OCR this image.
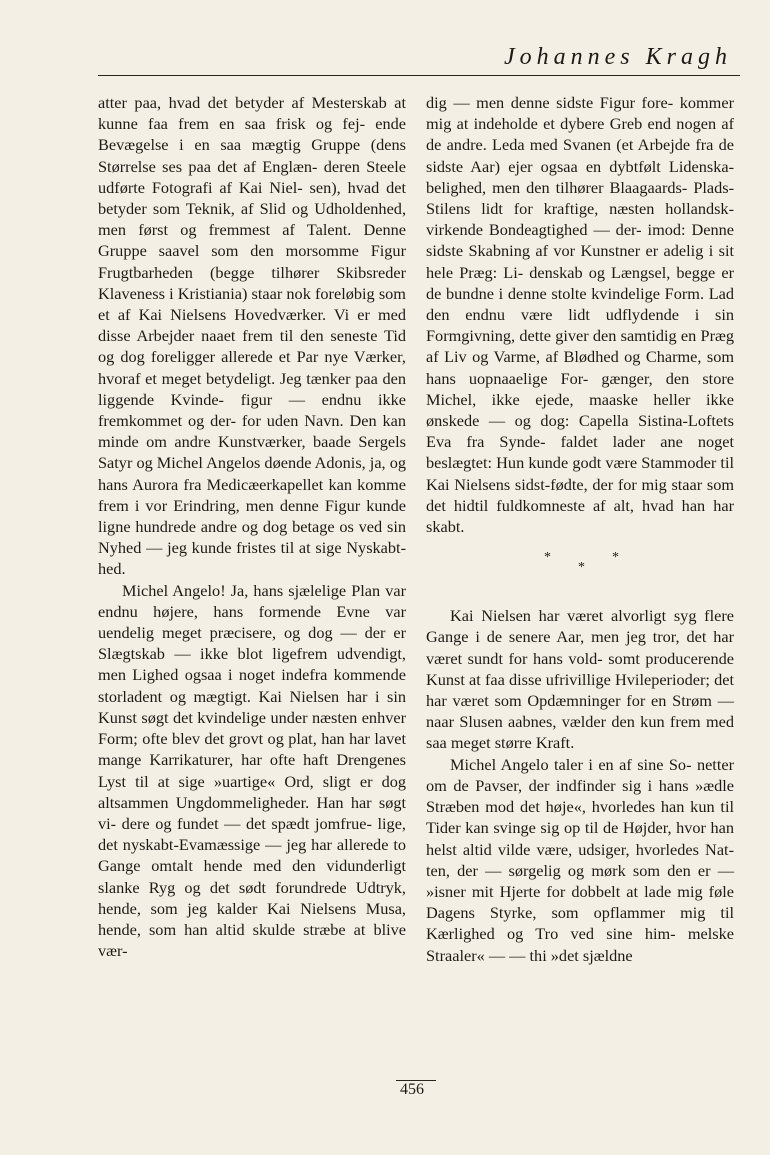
Johannes Kragh

atter paa, hvad det betyder af Mesterskab at kunne faa frem en saa frisk og fej- ende Bevægelse i en saa mægtig Gruppe (dens Størrelse ses paa det af Englæn- deren Steele udførte Fotografi af Kai Niel- sen), hvad det betyder som Teknik, af Slid og Udholdenhed, men først og fremmest af Talent. Denne Gruppe saavel som den morsomme Figur Frugtbarheden (begge tilhører Skibsreder Klaveness i Kristiania) staar nok foreløbig som et af Kai Nielsens Hovedværker. Vi er med disse Arbejder naaet frem til den seneste Tid og dog foreligger allerede et Par nye Værker, hvoraf et meget betydeligt. Jeg tænker paa den liggende Kvinde- figur — endnu ikke fremkommet og der- for uden Navn. Den kan minde om andre Kunstværker, baade Sergels Satyr og Michel Angelos døende Adonis, ja, og hans Aurora fra Medicæerkapellet kan komme frem i vor Erindring, men denne Figur kunde ligne hundrede andre og dog betage os ved sin Nyhed — jeg kunde fristes til at sige Nyskabt- hed.

Michel Angelo! Ja, hans sjælelige Plan var endnu højere, hans formende Evne var uendelig meget præcisere, og dog — der er Slægtskab — ikke blot ligefrem udvendigt, men Lighed ogsaa i noget indefra kommende storladent og mægtigt. Kai Nielsen har i sin Kunst søgt det kvindelige under næsten enhver Form; ofte blev det grovt og plat, han har lavet mange Karrikaturer, har ofte haft Drengenes Lyst til at sige »uartige« Ord, sligt er dog altsammen Ungdommeligheder. Han har søgt vi- dere og fundet — det spædt jomfrue- lige, det nyskabt-Evamæssige — jeg har allerede to Gange omtalt hende med den vidunderligt slanke Ryg og det sødt forundrede Udtryk, hende, som jeg kalder Kai Nielsens Musa, hende, som han altid skulde stræbe at blive vær-

dig — men denne sidste Figur fore- kommer mig at indeholde et dybere Greb end nogen af de andre. Leda med Svanen (et Arbejde fra de sidste Aar) ejer ogsaa en dybtfølt Lidenska- belighed, men den tilhører Blaagaards- Plads-Stilens lidt for kraftige, næsten hollandsk-virkende Bondeagtighed — der- imod: Denne sidste Skabning af vor Kunstner er adelig i sit hele Præg: Li- denskab og Længsel, begge er de bundne i denne stolte kvindelige Form. Lad den endnu være lidt udflydende i sin Formgivning, dette giver den samtidig en Præg af Liv og Varme, af Blødhed og Charme, som hans uopnaaelige For- gænger, den store Michel, ikke ejede, maaske heller ikke ønskede — og dog: Capella Sistina-Loftets Eva fra Synde- faldet lader ane noget beslægtet: Hun kunde godt være Stammoder til Kai Nielsens sidst-fødte, der for mig staar som det hidtil fuldkomneste af alt, hvad han har skabt.

*	*
*

Kai Nielsen har været alvorligt syg flere Gange i de senere Aar, men jeg tror, det har været sundt for hans vold- somt producerende Kunst at faa disse ufrivillige Hvileperioder; det har været som Opdæmninger for en Strøm — naar Slusen aabnes, vælder den kun frem med saa meget større Kraft.

Michel Angelo taler i en af sine So- netter om de Pavser, der indfinder sig i hans »ædle Stræben mod det høje«, hvorledes han kun til Tider kan svinge sig op til de Højder, hvor han helst altid vilde være, udsiger, hvorledes Nat- ten, der — sørgelig og mørk som den er — »isner mit Hjerte for dobbelt at lade mig føle Dagens Styrke, som opflammer mig til Kærlighed og Tro ved sine him- melske Straaler« — — thi »det sjældne

456
